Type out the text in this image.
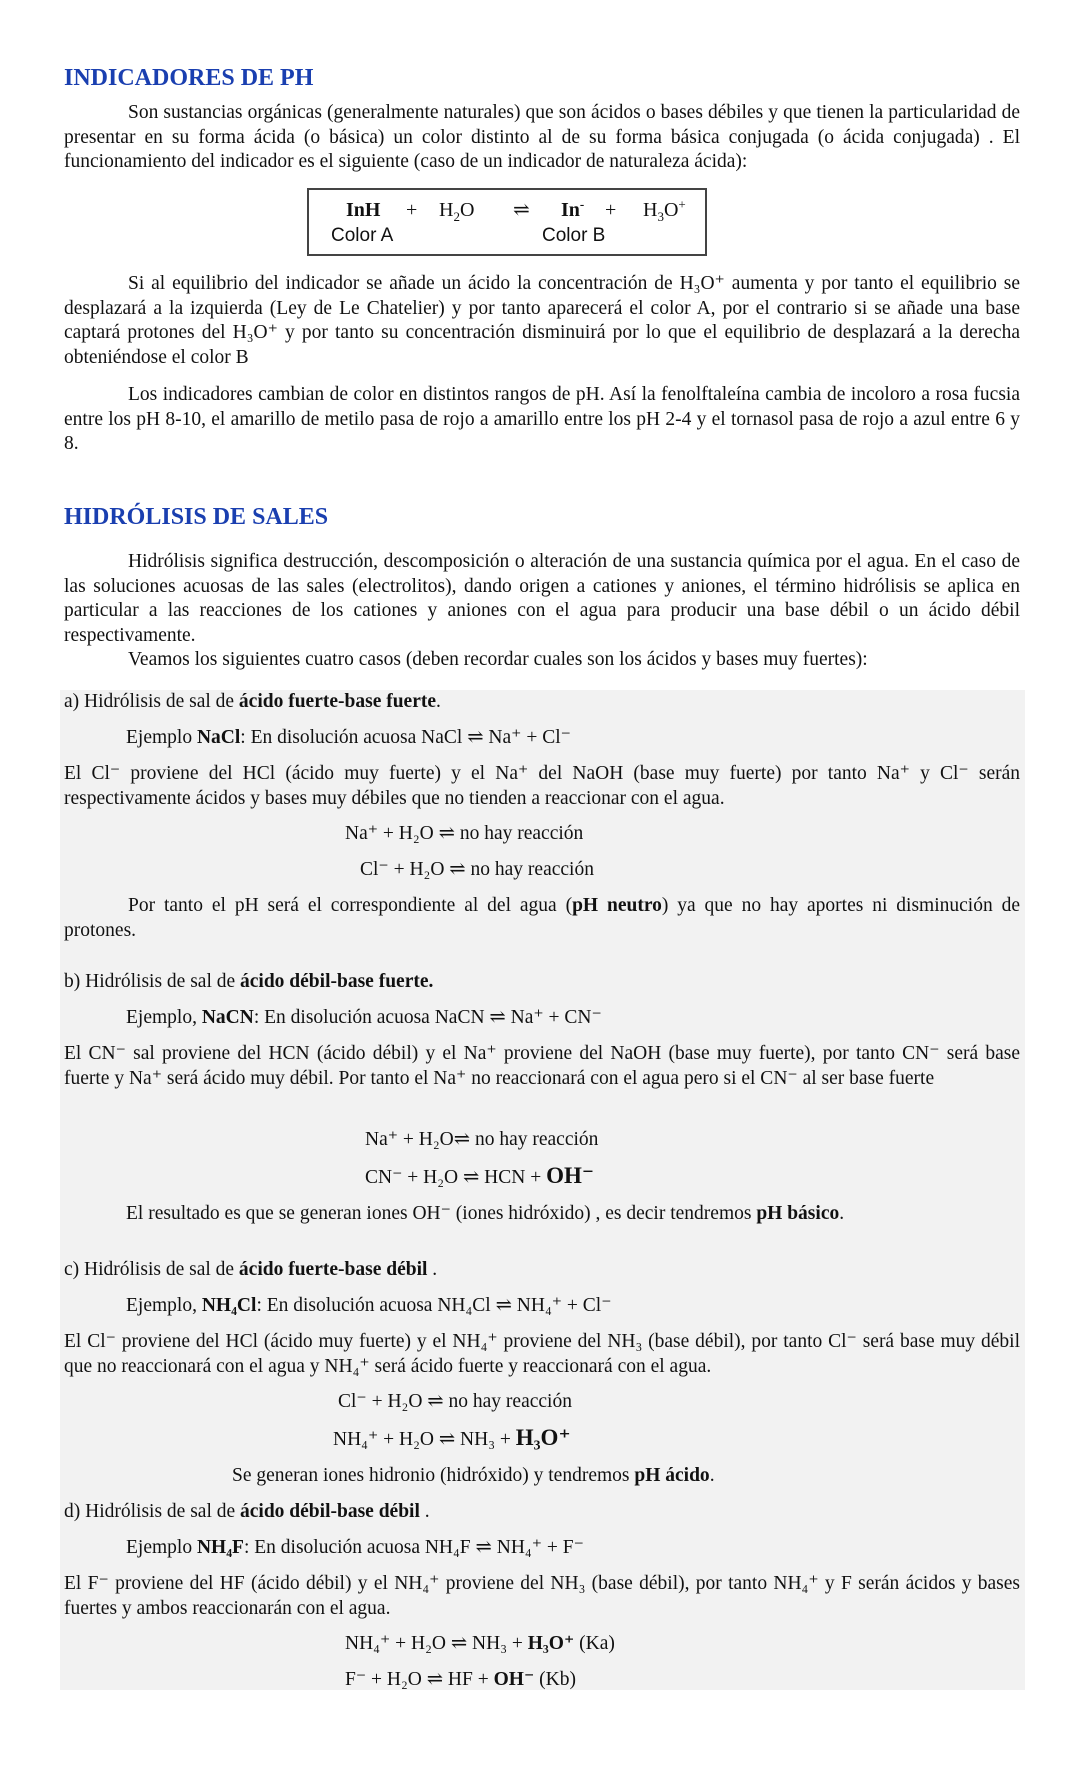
INDICADORES DE PH

Son sustancias orgánicas (generalmente naturales) que son ácidos o bases débiles y que tienen la particularidad de presentar en su forma ácida (o básica) un color distinto al de su forma básica conjugada (o ácida conjugada) . El funcionamiento del indicador es el siguiente (caso de un indicador de naturaleza ácida):

InH + $H_2O$ ⇌ $In^- + H_3O^+$
Color A	Color B

Si al equilibrio del indicador se añade un ácido la concentración de H₃O⁺ aumenta y por tanto el equilibrio se desplazará a la izquierda (Ley de Le Chatelier) y por tanto aparecerá el color A, por el contrario si se añade una base captará protones del H₃O⁺ y por tanto su concentración disminuirá por lo que el equilibrio de desplazará a la derecha obteniéndose el color B

Los indicadores cambian de color en distintos rangos de pH. Así la fenolftaleína cambia de incoloro a rosa fucsia entre los pH 8-10, el amarillo de metilo pasa de rojo a amarillo entre los pH 2-4 y el tornasol pasa de rojo a azul entre 6 y 8.

HIDRÓLISIS DE SALES

Hidrólisis significa destrucción, descomposición o alteración de una sustancia química por el agua. En el caso de las soluciones acuosas de las sales (electrolitos), dando origen a cationes y aniones, el término hidrólisis se aplica en particular a las reacciones de los cationes y aniones con el agua para producir una base débil o un ácido débil respectivamente.

Veamos los siguientes cuatro casos (deben recordar cuales son los ácidos y bases muy fuertes):
a) Hidrólisis de sal de ácido fuerte-base fuerte.
Ejemplo NaCl: En disolución acuosa NaCl ⇌ Na⁺ + Cl⁻

El Cl⁻ proviene del HCl (ácido muy fuerte) y el Na⁺ del NaOH (base muy fuerte) por tanto Na⁺ y Cl⁻ serán respectivamente ácidos y bases muy débiles que no tienden a reaccionar con el agua.

Na⁺ + H₂O ⇌ no hay reacción
Cl⁻ + H₂O ⇌ no hay reacción

Por tanto el pH será el correspondiente al del agua (pH neutro) ya que no hay aportes ni disminución de protones.

b) Hidrólisis de sal de ácido débil-base fuerte.
Ejemplo, NaCN: En disolución acuosa NaCN ⇌ Na⁺ + CN⁻

El CN⁻ sal proviene del HCN (ácido débil) y el Na⁺ proviene del NaOH (base muy fuerte), por tanto CN⁻ será base fuerte y Na⁺ será ácido muy débil. Por tanto el Na⁺ no reaccionará con el agua pero si el CN⁻ al ser base fuerte

Na⁺ + H₂O⇌ no hay reacción
CN⁻ + H₂O ⇌ HCN + OH⁻
El resultado es que se generan iones OH⁻ (iones hidróxido) , es decir tendremos pH básico.
c) Hidrólisis de sal de ácido fuerte-base débil .
Ejemplo, NH₄Cl: En disolución acuosa NH₄Cl ⇌ NH₄⁺ + Cl⁻

El Cl⁻ proviene del HCl (ácido muy fuerte) y el NH₄⁺ proviene del NH₃ (base débil), por tanto Cl⁻ será base muy débil que no reaccionará con el agua y NH₄⁺ será ácido fuerte y reaccionará con el agua.

Cl⁻ + H₂O ⇌ no hay reacción
NH₄⁺ + H₂O ⇌ NH₃ + H₃O⁺
Se generan iones hidronio (hidróxido) y tendremos pH ácido.
d) Hidrólisis de sal de ácido débil-base débil .
Ejemplo NH₄F: En disolución acuosa NH₄F ⇌ NH₄⁺ + F⁻

El F⁻ proviene del HF (ácido débil) y el NH₄⁺ proviene del NH₃ (base débil), por tanto NH₄⁺ y F serán ácidos y bases fuertes y ambos reaccionarán con el agua.

NH₄⁺ + H₂O ⇌ NH₃ + H₃O⁺ (Ka)
F⁻ + H₂O ⇌ HF + OH⁻ (Kb)
